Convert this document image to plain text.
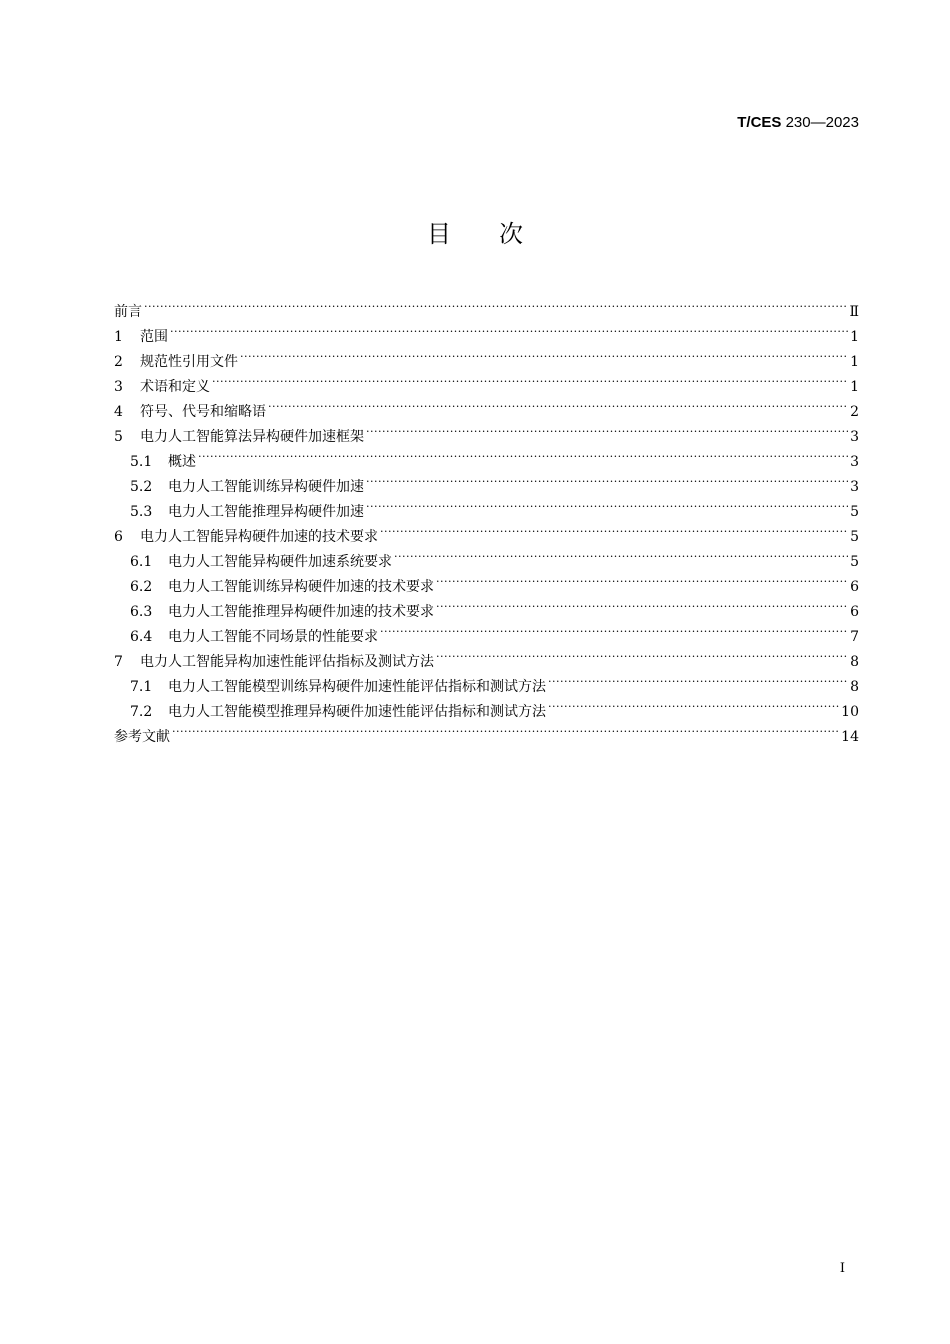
T/CES 230—2023
目次
前言 .....	Ⅱ
1	范围 .....	1
2	规范性引用文件 .....	1
3	术语和定义 .....	1
4	符号、代号和缩略语 .....	2
5	电力人工智能算法异构硬件加速框架 .....	3
5.1	概述 .....	3
5.2	电力人工智能训练异构硬件加速 .....	3
5.3	电力人工智能推理异构硬件加速 .....	5
6	电力人工智能异构硬件加速的技术要求 .....	5
6.1	电力人工智能异构硬件加速系统要求 .....	5
6.2	电力人工智能训练异构硬件加速的技术要求 .....	6
6.3	电力人工智能推理异构硬件加速的技术要求 .....	6
6.4	电力人工智能不同场景的性能要求 .....	7
7	电力人工智能异构加速性能评估指标及测试方法 .....	8
7.1	电力人工智能模型训练异构硬件加速性能评估指标和测试方法 .....	8
7.2	电力人工智能模型推理异构硬件加速性能评估指标和测试方法 .....	10
参考文献 .....	14
I
